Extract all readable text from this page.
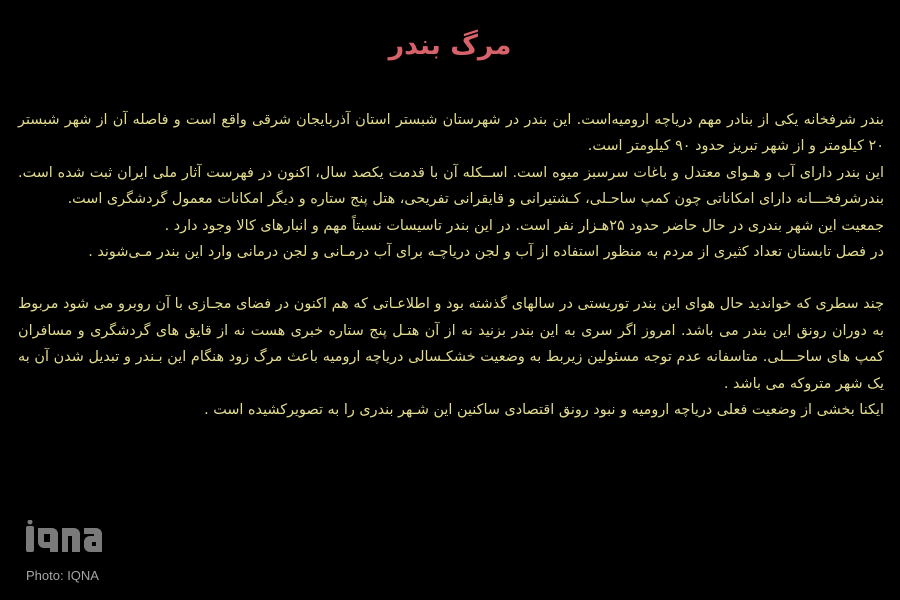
مرگ بندر

بندر شرفخانه یکی از بنادر مهم دریاچه ارومیه‌است. این بندر در شهرستان شبستر استان آذربایجان شرقی واقع است و فاصله آن از شهر شبستر ۲۰ کیلومتر و از شهر تبریز حدود ۹۰ کیلومتر است.

این بندر دارای آب و هـوای معتدل و باغات سرسبز میوه است. اســکله آن با قدمت یکصد سال، اکنون در فهرست آثار ملی ایران ثبت شده است. بندرشرفخـــانه دارای امکاناتی چون کمپ ساحـلی، کـشتیرانی و قایقرانی تفریحی، هتل پنج ستاره و دیگر امکانات معمول گردشگری است.

جمعیت این شهر بندری در حال حاضر حدود ۲۵هـزار نفر است. در این بندر تاسیسات نسبتاً مهم و انبارهای کالا وجود دارد .

در فصل تابستان تعداد کثیری از مردم به منظور استفاده از آب و لجن دریاچـه برای آب درمـانی و لجن درمانی وارد این بندر مـی‌شوند .

چند سطری که خواندید حال هوای این بندر توریستی در سالهای گذشته بود و اطلاعـاتی که هم اکنون در فضای مجـازی با آن روبرو می شود مربوط به دوران رونق این بندر می باشد. امروز اگر سری به این بندر بزنید نه از آن هتـل پنج ستاره خبری هست نه از قایق های گردشگری و مسافران کمپ های ساحـــلی. متاسفانه عدم توجه مسئولین زیربط به وضعیت خشکـسالی دریاچه ارومیه باعث مرگ زود هنگام این بـندر و تبدیل شدن آن به یک شهر متروکه می باشد .

ایکنا بخشی از وضعیت فعلی دریاچه ارومیه و نبود رونق اقتصادی ساکنین این شـهر بندری را به تصویرکشیده است .

iqna
Photo: IQNA
